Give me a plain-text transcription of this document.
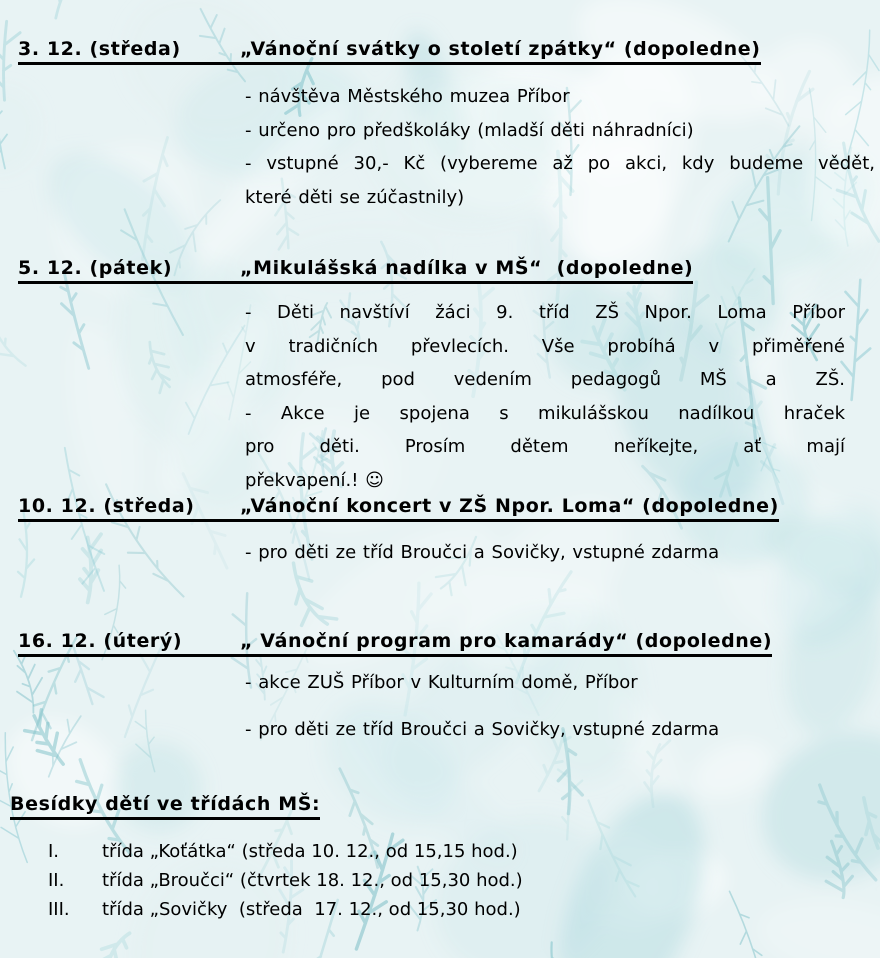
3. 12. (středa)	„Vánoční svátky o století zpátky“ (dopoledne)
- návštěva Městského muzea Příbor
- určeno pro předškoláky (mladší děti náhradníci)
- vstupné 30,- Kč (vybereme až po akci, kdy budeme vědět,
které děti se zúčastnily)
5. 12. (pátek)	„Mikulášská nadílka v MŠ“  (dopoledne)
- Děti navštíví žáci 9. tříd ZŠ Npor. Loma Příbor
v tradičních převlecích. Vše probíhá v přiměřené
atmosféře, pod vedením pedagogů MŠ a ZŠ.
- Akce je spojena s mikulášskou nadílkou hraček
pro děti. Prosím dětem neříkejte, ať mají
překvapení.! ☺
10. 12. (středa) „Vánoční koncert v ZŠ Npor. Loma“ (dopoledne)
- pro děti ze tříd Broučci a Sovičky, vstupné zdarma
16. 12. (úterý)	„ Vánoční program pro kamarády“ (dopoledne)
- akce ZUŠ Příbor v Kulturním domě, Příbor
- pro děti ze tříd Broučci a Sovičky, vstupné zdarma
Besídky dětí ve třídách MŠ:
I. třída „Koťátka“ (středa 10. 12., od 15,15 hod.)
II. třída „Broučci“ (čtvrtek 18. 12., od 15,30 hod.)
III. třída „Sovičky  (středa  17. 12., od 15,30 hod.)
